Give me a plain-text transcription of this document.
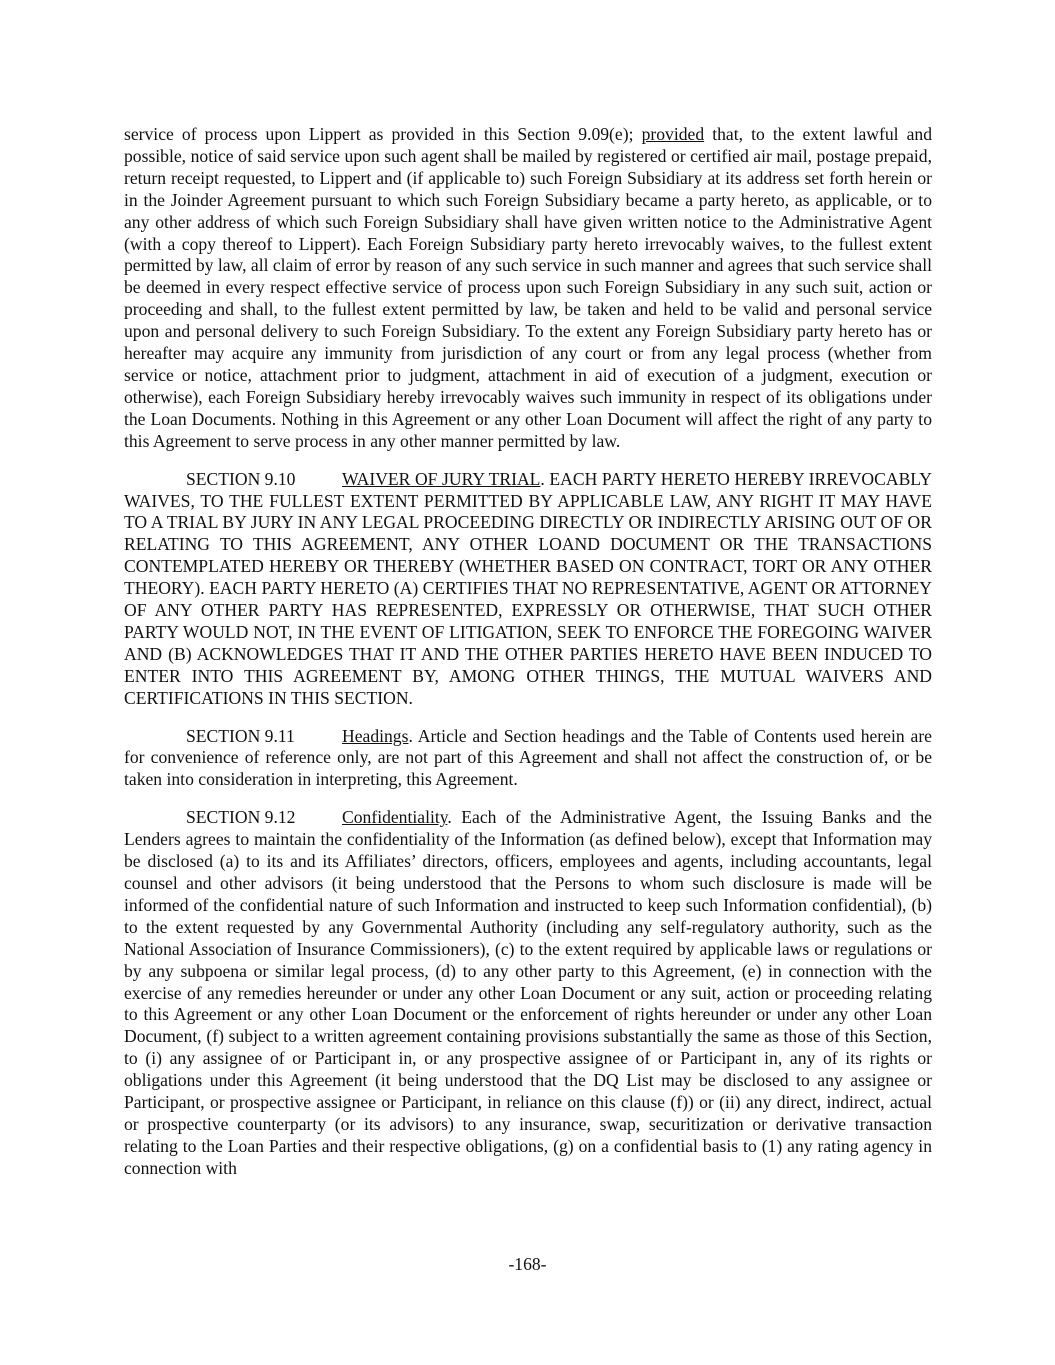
service of process upon Lippert as provided in this Section 9.09(e); provided that, to the extent lawful and possible, notice of said service upon such agent shall be mailed by registered or certified air mail, postage prepaid, return receipt requested, to Lippert and (if applicable to) such Foreign Subsidiary at its address set forth herein or in the Joinder Agreement pursuant to which such Foreign Subsidiary became a party hereto, as applicable, or to any other address of which such Foreign Subsidiary shall have given written notice to the Administrative Agent (with a copy thereof to Lippert). Each Foreign Subsidiary party hereto irrevocably waives, to the fullest extent permitted by law, all claim of error by reason of any such service in such manner and agrees that such service shall be deemed in every respect effective service of process upon such Foreign Subsidiary in any such suit, action or proceeding and shall, to the fullest extent permitted by law, be taken and held to be valid and personal service upon and personal delivery to such Foreign Subsidiary. To the extent any Foreign Subsidiary party hereto has or hereafter may acquire any immunity from jurisdiction of any court or from any legal process (whether from service or notice, attachment prior to judgment, attachment in aid of execution of a judgment, execution or otherwise), each Foreign Subsidiary hereby irrevocably waives such immunity in respect of its obligations under the Loan Documents. Nothing in this Agreement or any other Loan Document will affect the right of any party to this Agreement to serve process in any other manner permitted by law.

SECTION 9.10	WAIVER OF JURY TRIAL. EACH PARTY HERETO HEREBY IRREVOCABLY WAIVES, TO THE FULLEST EXTENT PERMITTED BY APPLICABLE LAW, ANY RIGHT IT MAY HAVE TO A TRIAL BY JURY IN ANY LEGAL PROCEEDING DIRECTLY OR INDIRECTLY ARISING OUT OF OR RELATING TO THIS AGREEMENT, ANY OTHER LOAND DOCUMENT OR THE TRANSACTIONS CONTEMPLATED HEREBY OR THEREBY (WHETHER BASED ON CONTRACT, TORT OR ANY OTHER THEORY). EACH PARTY HERETO (A) CERTIFIES THAT NO REPRESENTATIVE, AGENT OR ATTORNEY OF ANY OTHER PARTY HAS REPRESENTED, EXPRESSLY OR OTHERWISE, THAT SUCH OTHER PARTY WOULD NOT, IN THE EVENT OF LITIGATION, SEEK TO ENFORCE THE FOREGOING WAIVER AND (B) ACKNOWLEDGES THAT IT AND THE OTHER PARTIES HERETO HAVE BEEN INDUCED TO ENTER INTO THIS AGREEMENT BY, AMONG OTHER THINGS, THE MUTUAL WAIVERS AND CERTIFICATIONS IN THIS SECTION.

SECTION 9.11	Headings. Article and Section headings and the Table of Contents used herein are for convenience of reference only, are not part of this Agreement and shall not affect the construction of, or be taken into consideration in interpreting, this Agreement.

SECTION 9.12	Confidentiality. Each of the Administrative Agent, the Issuing Banks and the Lenders agrees to maintain the confidentiality of the Information (as defined below), except that Information may be disclosed (a) to its and its Affiliates’ directors, officers, employees and agents, including accountants, legal counsel and other advisors (it being understood that the Persons to whom such disclosure is made will be informed of the confidential nature of such Information and instructed to keep such Information confidential), (b) to the extent requested by any Governmental Authority (including any self-regulatory authority, such as the National Association of Insurance Commissioners), (c) to the extent required by applicable laws or regulations or by any subpoena or similar legal process, (d) to any other party to this Agreement, (e) in connection with the exercise of any remedies hereunder or under any other Loan Document or any suit, action or proceeding relating to this Agreement or any other Loan Document or the enforcement of rights hereunder or under any other Loan Document, (f) subject to a written agreement containing provisions substantially the same as those of this Section, to (i) any assignee of or Participant in, or any prospective assignee of or Participant in, any of its rights or obligations under this Agreement (it being understood that the DQ List may be disclosed to any assignee or Participant, or prospective assignee or Participant, in reliance on this clause (f)) or (ii) any direct, indirect, actual or prospective counterparty (or its advisors) to any insurance, swap, securitization or derivative transaction relating to the Loan Parties and their respective obligations, (g) on a confidential basis to (1) any rating agency in connection with

-168-
